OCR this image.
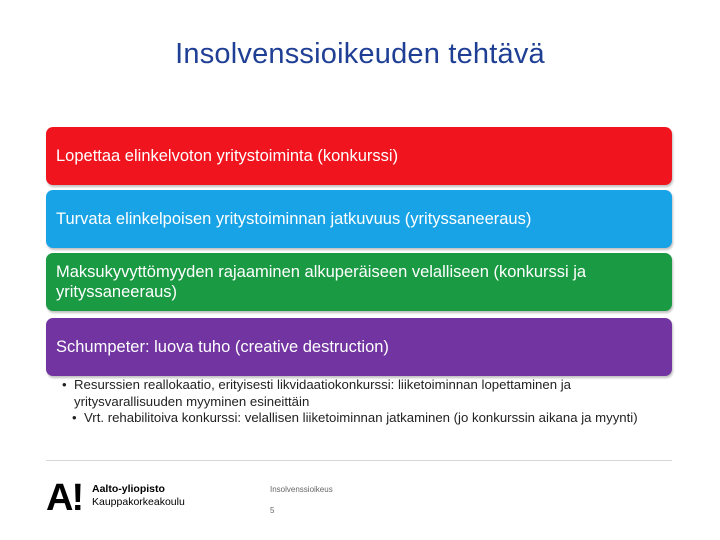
Insolvenssioikeuden tehtävä
Lopettaa elinkelvoton yritystoiminta (konkurssi)
Turvata elinkelpoisen yritystoiminnan jatkuvuus (yrityssaneeraus)
Maksukyvyttömyyden rajaaminen alkuperäiseen velalliseen (konkurssi ja yrityssaneeraus)
Schumpeter: luova tuho (creative destruction)
• Resurssien reallokaatio, erityisesti likvidaatiokonkurssi: liiketoiminnan lopettaminen ja yritysvarallisuuden myyminen esineittäin
• Vrt. rehabilitoiva konkurssi: velallisen liiketoiminnan jatkaminen (jo konkurssin aikana ja myynti)
A! Aalto-yliopisto
Kauppakorkeakoulu
Insolvenssioikeus
5
